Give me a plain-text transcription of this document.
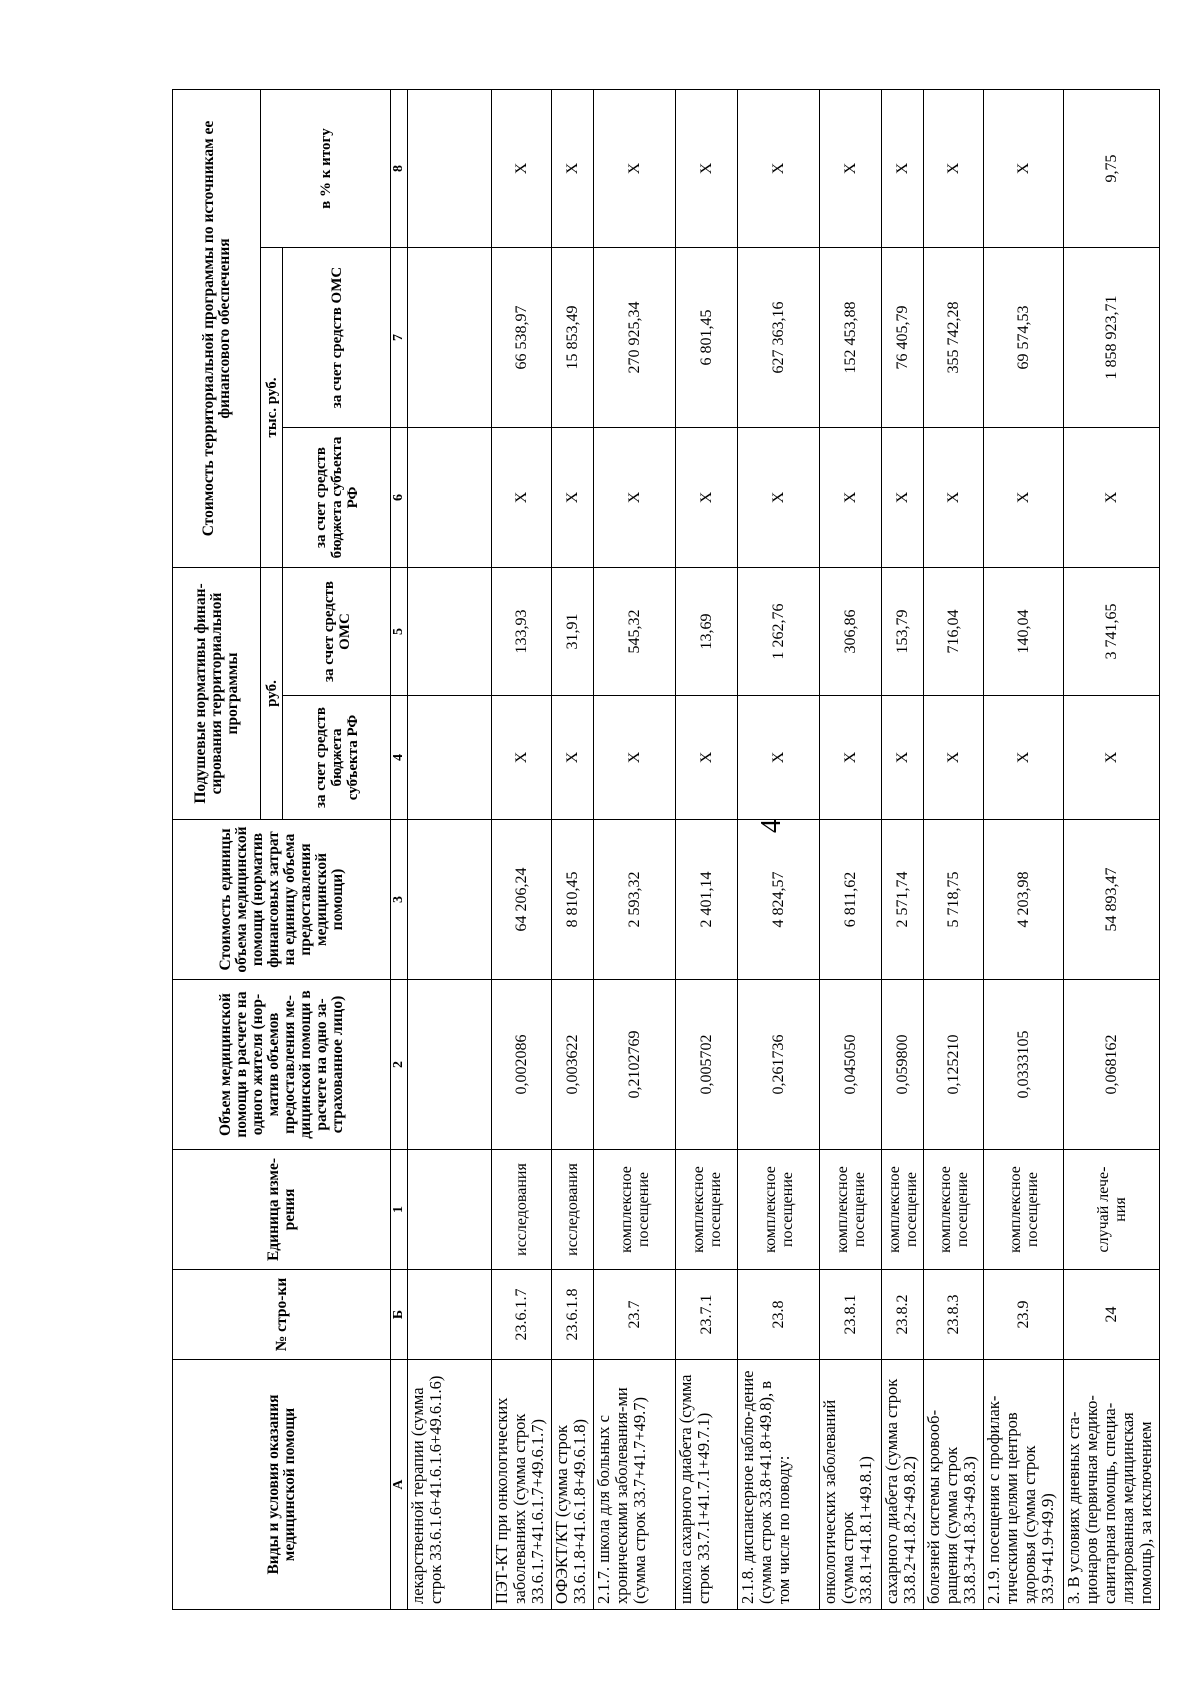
4
Виды и условия оказания медицинской помощи	№ стро-ки	Единица изме-рения	Объем медицинской помощи в расчете на одного жителя (нор-матив объемов предоставления ме-дицинской помощи в расчете на одно за-страхованное лицо)	Стоимость единицы объема медицинской помощи (норматив финансовых затрат на единицу объема предоставления медицинской помощи)	Подушевые нормативы финан-сирования территориальной программы		Стоимость территориальной программы по источникам ее финансового обеспечения		
					руб.		тыс. руб.		в % к итогу
					за счет средств бюджета субъекта РФ	за счет средств ОМС	за счет средств бюджета субъекта РФ	за счет средств ОМС	
А	Б	1	2	3	4	5	6	7	8
лекарственной терапии (сумма строк 33.6.1.6+41.6.1.6+49.6.1.6)									
ПЭТ-КТ при онкологических заболеваниях (сумма строк 33.6.1.7+41.6.1.7+49.6.1.7)	23.6.1.7	исследования	0,002086	64 206,24	X	133,93	X	66 538,97	X
ОФЭКТ/КТ (сумма строк 33.6.1.8+41.6.1.8+49.6.1.8)	23.6.1.8	исследования	0,003622	8 810,45	X	31,91	X	15 853,49	X
2.1.7. школа для больных с хроническими заболевания-ми (сумма строк 33.7+41.7+49.7)	23.7	комплексное посещение	0,2102769	2 593,32	X	545,32	X	270 925,34	X
школа сахарного диабета (сумма строк 33.7.1+41.7.1+49.7.1)	23.7.1	комплексное посещение	0,005702	2 401,14	X	13,69	X	6 801,45	X
2.1.8. диспансерное наблю-дение (сумма строк 33.8+41.8+49.8), в том числе по поводу:	23.8	комплексное посещение	0,261736	4 824,57	X	1 262,76	X	627 363,16	X
онкологических заболеваний (сумма строк 33.8.1+41.8.1+49.8.1)	23.8.1	комплексное посещение	0,045050	6 811,62	X	306,86	X	152 453,88	X
сахарного диабета (сумма строк 33.8.2+41.8.2+49.8.2)	23.8.2	комплексное посещение	0,059800	2 571,74	X	153,79	X	76 405,79	X
болезней системы кровооб-ращения (сумма строк 33.8.3+41.8.3+49.8.3)	23.8.3	комплексное посещение	0,125210	5 718,75	X	716,04	X	355 742,28	X
2.1.9. посещения с профилак-тическими целями центров здоровья (сумма строк 33.9+41.9+49.9)	23.9	комплексное посещение	0,0333105	4 203,98	X	140,04	X	69 574,53	X
3. В условиях дневных ста-ционаров (первичная медико-санитарная помощь, специа-лизированная медицинская помощь), за исключением	24	случай лече-ния	0,068162	54 893,47	X	3 741,65	X	1 858 923,71	9,75
